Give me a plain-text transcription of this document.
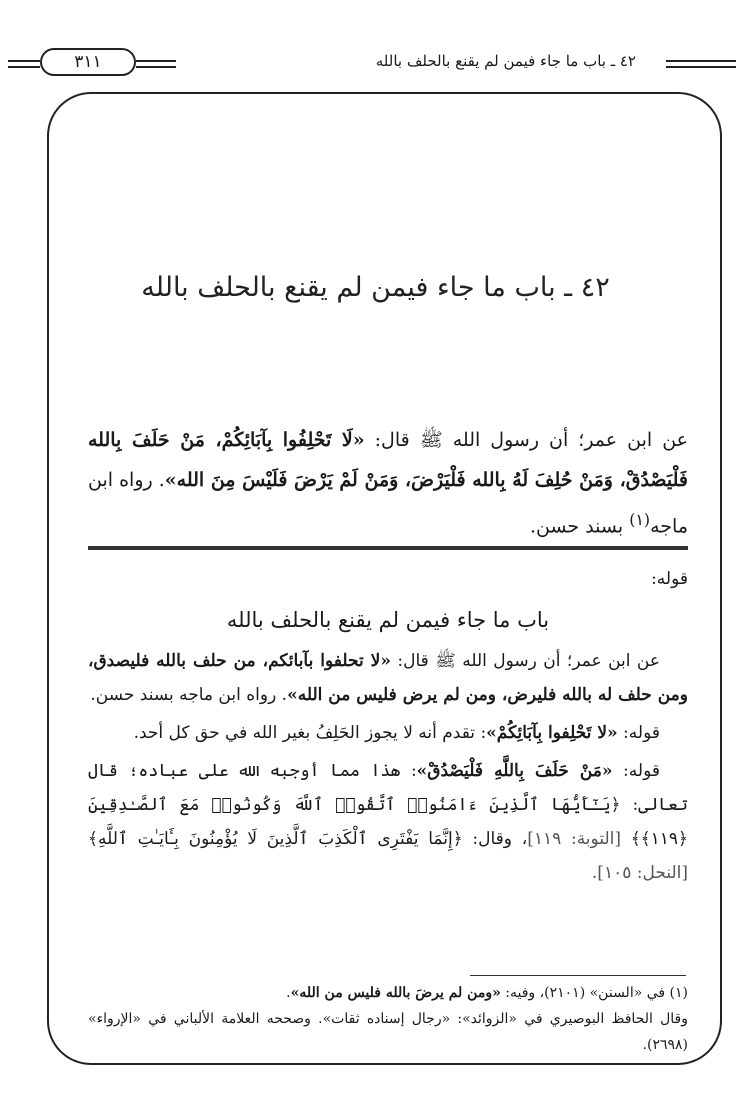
٣١١	٤٢ ـ باب ما جاء فيمن لم يقنع بالحلف بالله
٤٢ ـ باب ما جاء فيمن لم يقنع بالحلف بالله

عن ابن عمر؛ أن رسول الله ﷺ قال: «لَا تَحْلِفُوا بِآبَائِكُمْ، مَنْ حَلَفَ بِالله فَلْيَصْدُقْ، وَمَنْ حُلِفَ لَهُ بِالله فَلْيَرْضَ، وَمَنْ لَمْ يَرْضَ فَلَيْسَ مِنَ الله». رواه ابن ماجه$^{(١)}$ بسند حسن.

قوله:

باب ما جاء فيمن لم يقنع بالحلف بالله

عن ابن عمر؛ أن رسول الله ﷺ قال: «لا تحلفوا بآبائكم، من حلف بالله فليصدق، ومن حلف له بالله فليرض، ومن لم يرض فليس من الله». رواه ابن ماجه بسند حسن.

قوله: «لا تَحْلِفوا بِآبَائِكُمْ»: تقدم أنه لا يجوز الحَلِفُ بغير الله في حق كل أحد.

قوله: «مَنْ حَلَفَ بِاللَّهِ فَلْيَصْدُقْ»: هذا مما أوجبه الله على عباده؛ قال تعالى: ﴿يَـٰٓأَيُّهَا ٱلَّذِينَ ءَامَنُوا۟ ٱتَّقُوا۟ ٱللَّهَ وَكُونُوا۟ مَعَ ٱلصَّـٰدِقِينَ ﴿١١٩﴾﴾ [التوبة: ١١٩]، وقال: ﴿إِنَّمَا يَفْتَرِى ٱلْكَذِبَ ٱلَّذِينَ لَا يُؤْمِنُونَ بِـَٔايَـٰتِ ٱللَّهِ﴾ [النحل: ١٠٥].

(١) في «السنن» (٢١٠١)، وفيه: «ومن لم يرضَ بالله فليس من الله».

وقال الحافظ البوصيري في «الزوائد»: «رجال إسناده ثقات». وصححه العلامة الألباني في «الإرواء» (٢٦٩٨).
